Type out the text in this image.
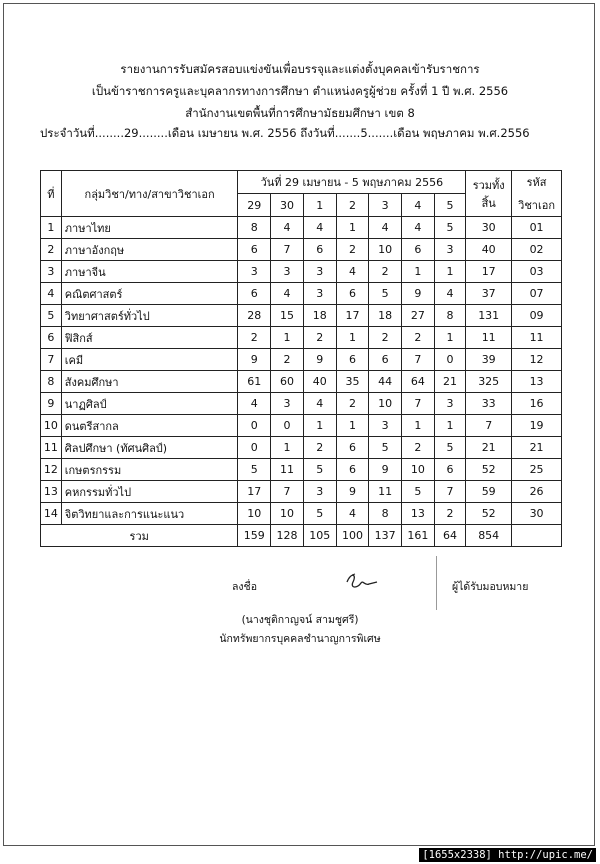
รายงานการรับสมัครสอบแข่งขันเพื่อบรรจุและแต่งตั้งบุคคลเข้ารับราชการ
เป็นข้าราชการครูและบุคลากรทางการศึกษา ตำแหน่งครูผู้ช่วย ครั้งที่ 1 ปี พ.ศ. 2556
สำนักงานเขตพื้นที่การศึกษามัธยมศึกษา เขต 8
ประจำวันที่........29........เดือน เมษายน พ.ศ. 2556 ถึงวันที่.......5.......เดือน พฤษภาคม พ.ศ.2556
ที่	กลุ่มวิชา/ทาง/สาขาวิชาเอก	วันที่ 29 เมษายน - 5 พฤษภาคม 2556							รวมทั้งสิ้น	รหัส
		29	30	1	2	3	4	5		วิชาเอก
1	ภาษาไทย	8	4	4	1	4	4	5	30	01
2	ภาษาอังกฤษ	6	7	6	2	10	6	3	40	02
3	ภาษาจีน	3	3	3	4	2	1	1	17	03
4	คณิตศาสตร์	6	4	3	6	5	9	4	37	07
5	วิทยาศาสตร์ทั่วไป	28	15	18	17	18	27	8	131	09
6	ฟิสิกส์	2	1	2	1	2	2	1	11	11
7	เคมี	9	2	9	6	6	7	0	39	12
8	สังคมศึกษา	61	60	40	35	44	64	21	325	13
9	นาฏศิลป์	4	3	4	2	10	7	3	33	16
10	ดนตรีสากล	0	0	1	1	3	1	1	7	19
11	ศิลปศึกษา (ทัศนศิลป์)	0	1	2	6	5	2	5	21	21
12	เกษตรกรรม	5	11	5	6	9	10	6	52	25
13	คหกรรมทั่วไป	17	7	3	9	11	5	7	59	26
14	จิตวิทยาและการแนะแนว	10	10	5	4	8	13	2	52	30
รวม		159	128	105	100	137	161	64	854	
ลงชื่อ	ผู้ได้รับมอบหมาย
(นางชุติกาญจน์ สามชูศรี)
นักทรัพยากรบุคคลชำนาญการพิเศษ
[1655x2338] http://upic.me/
